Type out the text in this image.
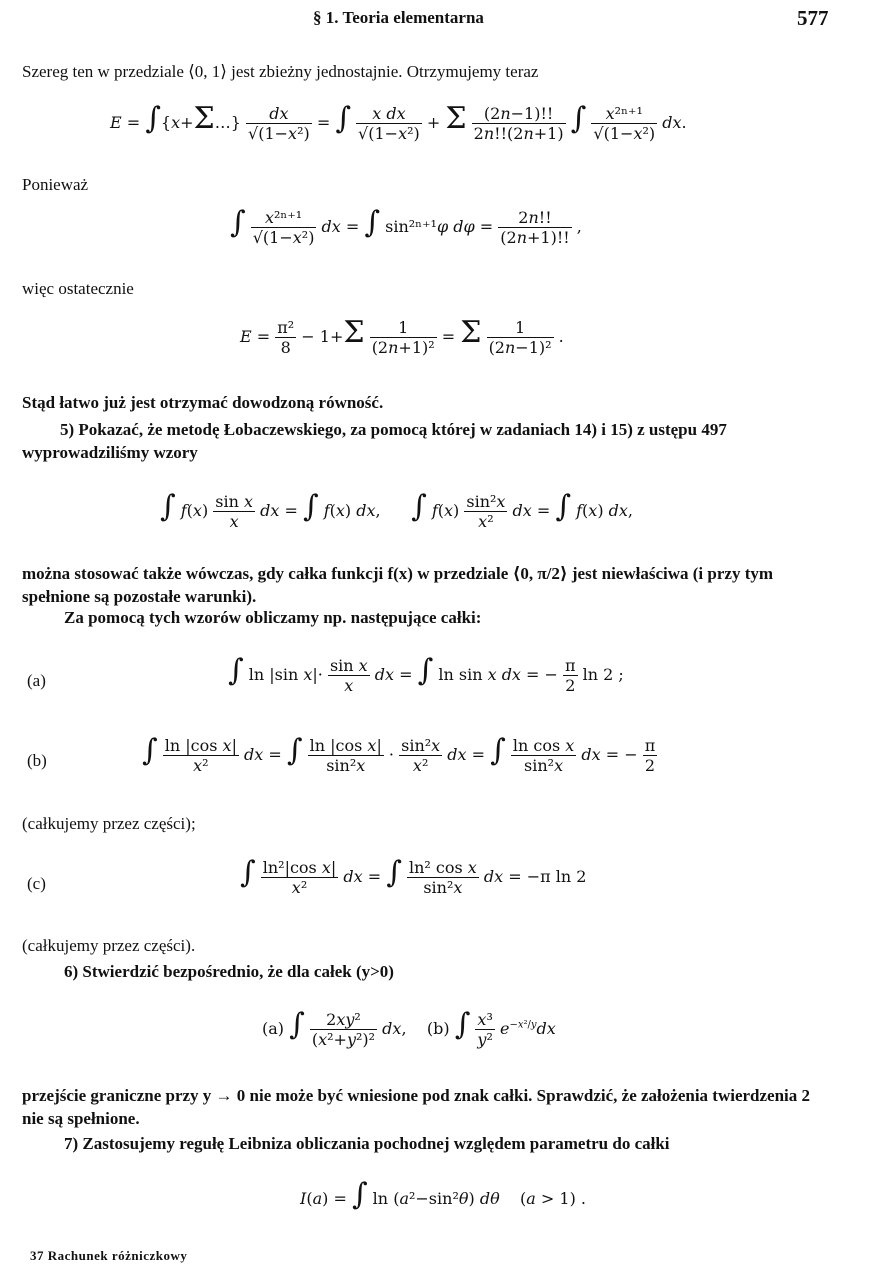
§ 1. Teoria elementarna	577
Szereg ten w przedziale ⟨0, 1⟩ jest zbieżny jednostajnie. Otrzymujemy teraz
E = ∫{x+Σ…} $\frac{dx}{\text{√(1−x²)}}$ = ∫ $\frac{\text{x dx}}{\text{√(1−x²)}} + \Sigma \frac{(2n-1)!!}{2n!!(2n+1)}$ ∫ $\frac{\text{x²ⁿ⁺¹}}{\text{√(1−x²)}}$ dx.
Ponieważ
∫ $\frac{\text{x²ⁿ⁺¹}}{\text{√(1−x²)}}$ dx = ∫ sin²ⁿ⁺¹φ $d\varphi = \frac{2n!!}{(2n+1)!!}$ ,
więc ostatecznie
$E = \frac{\text{π²}}{8} - 1+\Sigma \frac{1}{\text{(2n+1)²}} = \Sigma \frac{1}{\text{(2n−1)²}}$ .
Stąd łatwo już jest otrzymać dowodzoną równość.
5) Pokazać, że metodę Łobaczewskiego, za pomocą której w zadaniach 14) i 15) z ustępu 497 wyprowadziliśmy wzory
∫ $f(x) \frac{\text{sin x}}{x}$ dx = ∫ f(x) dx,      ∫ $f(x) \frac{\text{sin²x}}{\text{x²}}$ dx = ∫ f(x) dx,
można stosować także wówczas, gdy całka funkcji f(x) w przedziale ⟨0, π/2⟩ jest niewłaściwa (i przy tym spełnione są pozostałe warunki).
Za pomocą tych wzorów obliczamy np. następujące całki:
(a)	∫ ln |sin $x|\cdot \frac{\text{sin x}}{x}$ dx = ∫ ln sin x dx = − $\frac{\pi}{2}$ ln 2 ;
(b)	∫ $\frac{\text{ln |cos x|}}{\text{x²}}$ dx = ∫ $\frac{\text{ln |cos x|}}{\text{sin²x}} \cdot \frac{\text{sin²x}}{\text{x²}}$ dx = ∫ $\frac{\text{ln cos x}}{\text{sin²x}}$ dx = − $\frac{\pi}{2}$
(całkujemy przez części);
(c)	∫ $\frac{\text{ln²|cos x|}}{\text{x²}}$ dx = ∫ $\frac{\text{ln² cos x}}{\text{sin²x}}$ dx = −π ln 2
(całkujemy przez części).
6) Stwierdzić bezpośrednio, że dla całek (y>0)
(a) ∫ $\frac{\text{2xy²}}{\text{(x²+y²)²}}$ dx,    (b) ∫ $\frac{\text{x³}}{\text{y²}} e^{-x^2/y}dx$
przejście graniczne przy y → 0 nie może być wniesione pod znak całki. Sprawdzić, że założenia twierdzenia 2 nie są spełnione.
7) Zastosujemy regułę Leibniza obliczania pochodnej względem parametru do całki
I(a) = ∫ ln (a²−sin²θ) dθ    (a > 1) .
37 Rachunek różniczkowy
